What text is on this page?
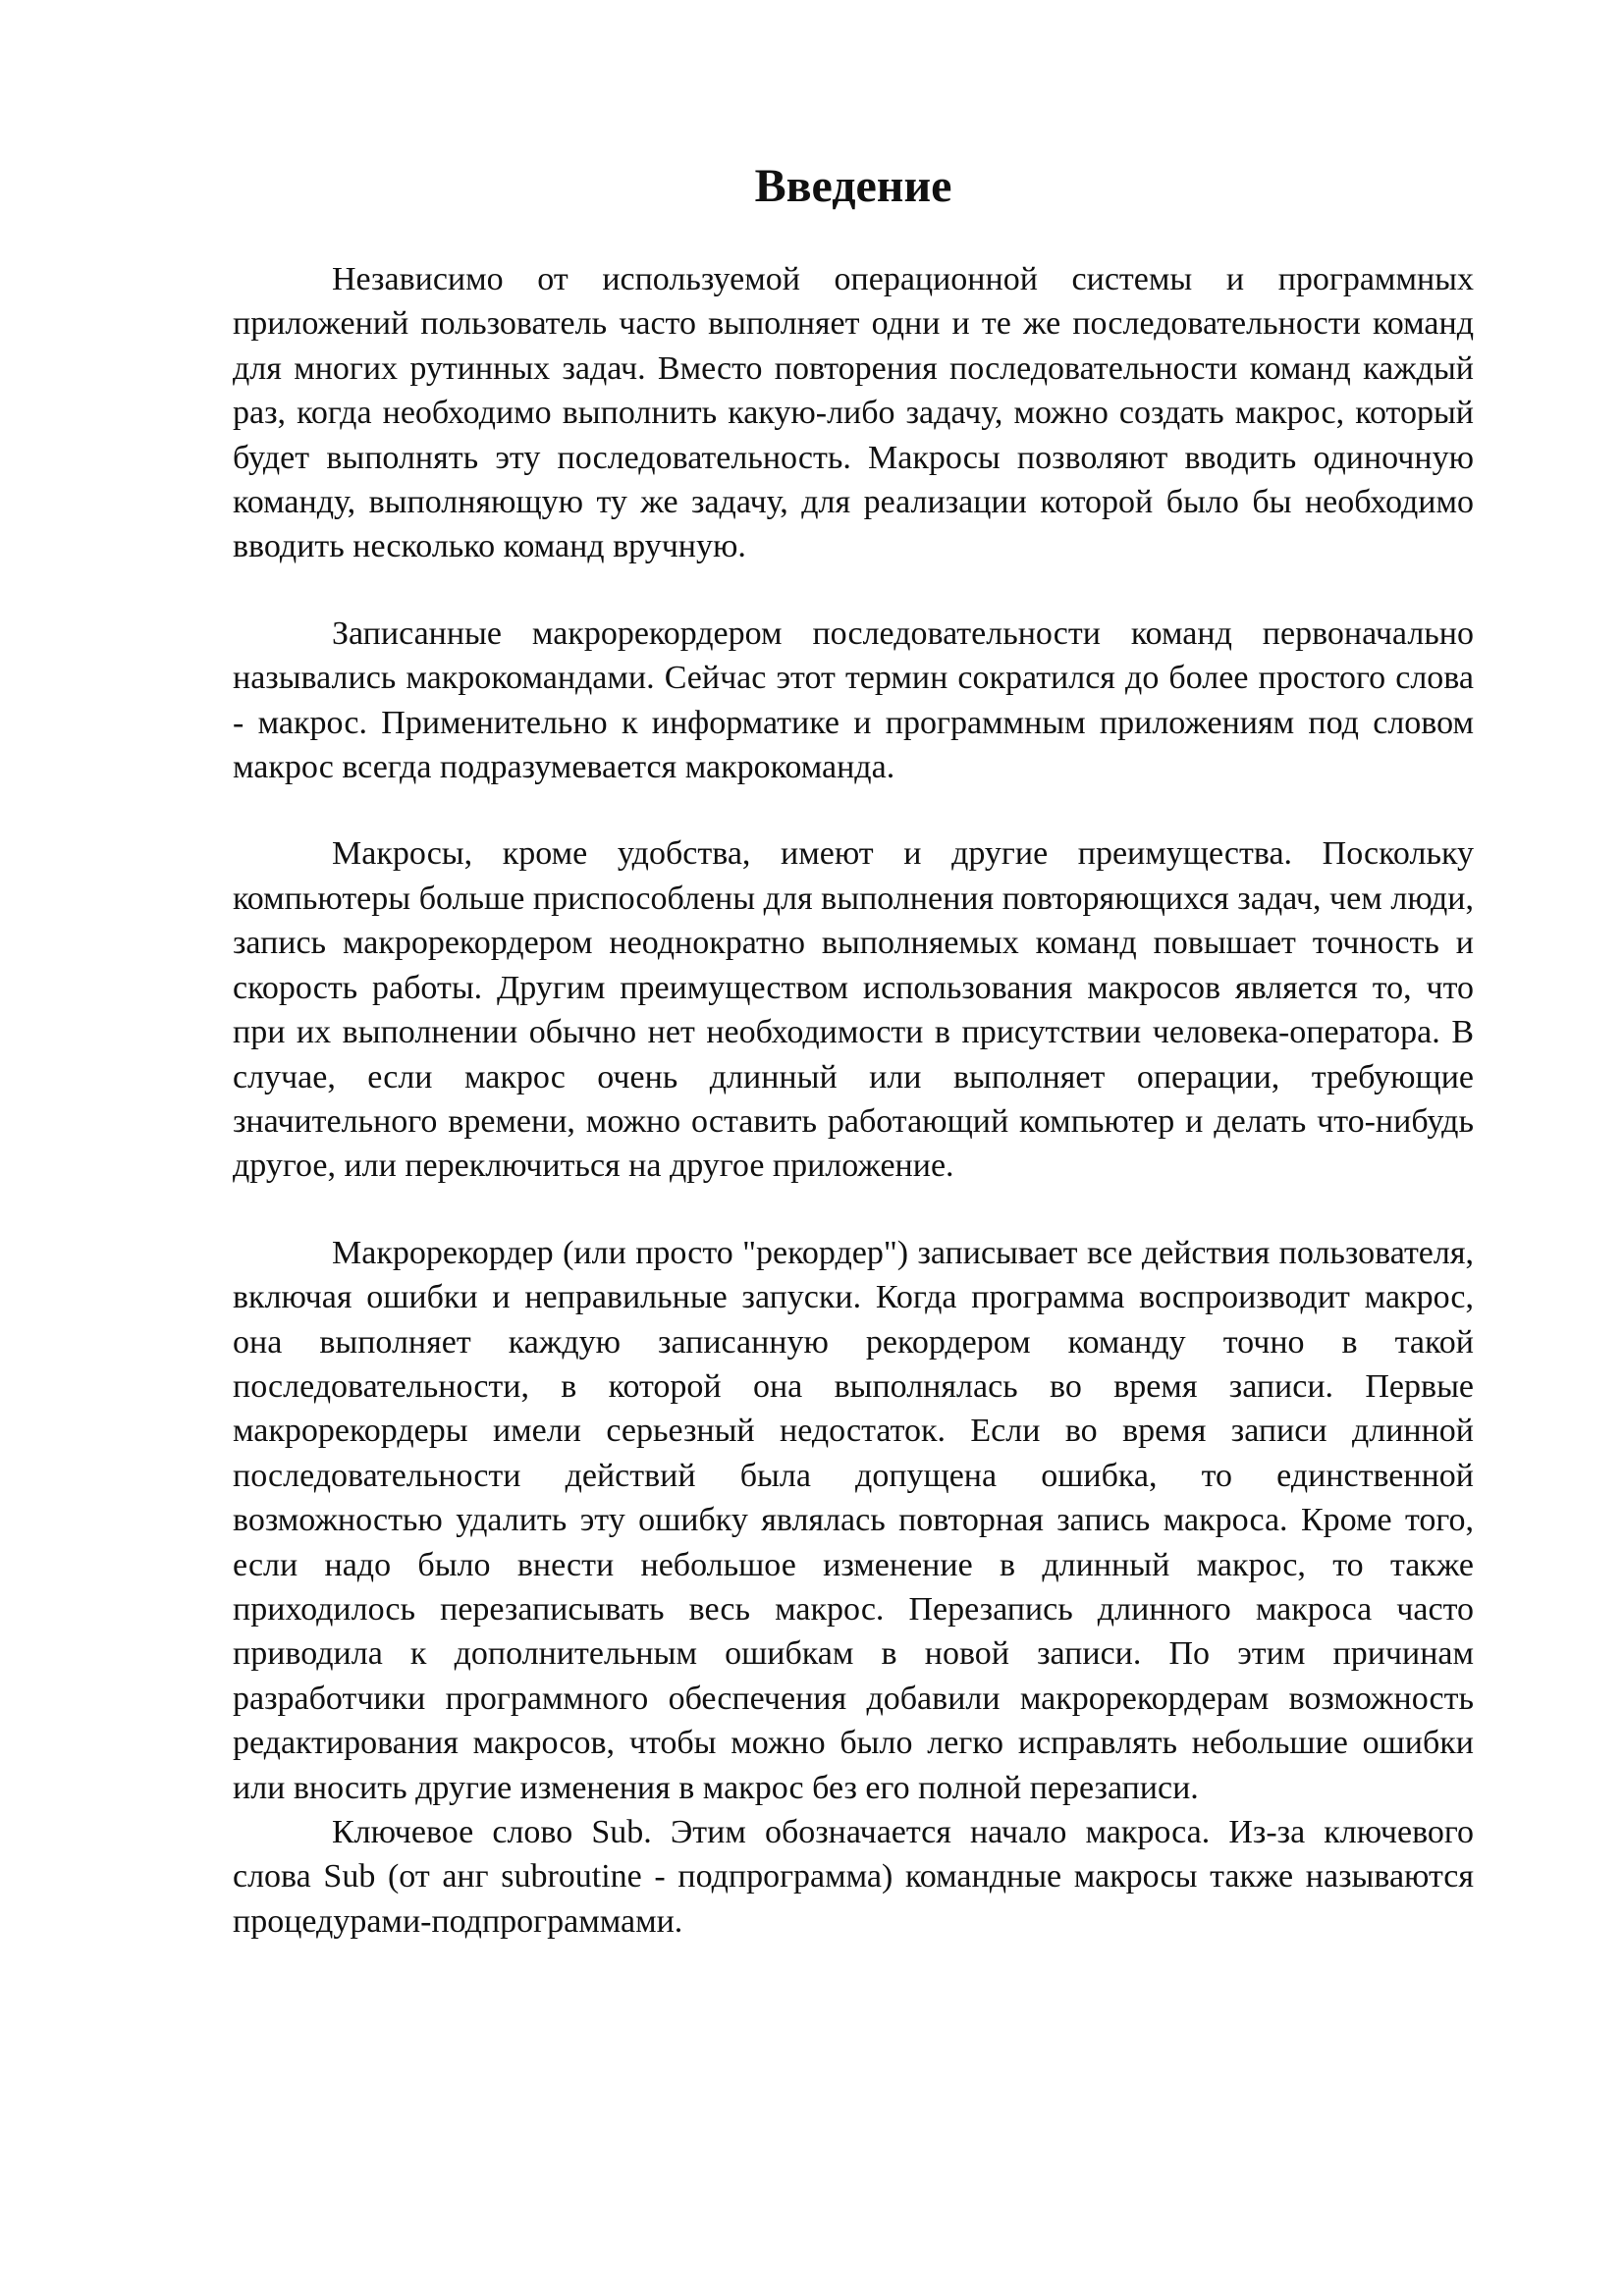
Введение

Независимо от используемой операционной системы и программных приложений пользователь часто выполняет одни и те же последовательности команд для многих рутинных задач. Вместо повторения последовательности команд каждый раз, когда необходимо выполнить какую-либо задачу, можно создать макрос, который будет выполнять эту последовательность. Макросы позволяют вводить одиночную команду, выполняющую ту же задачу, для реализации которой было бы необходимо вводить несколько команд вручную.

Записанные макрорекордером последовательности команд первоначально назывались макрокомандами. Сейчас этот термин сократился до более простого слова - макрос. Применительно к информатике и программным приложениям под словом макрос всегда подразумевается макрокоманда.

Макросы, кроме удобства, имеют и другие преимущества. Поскольку компьютеры больше приспособлены для выполнения повторяющихся задач, чем люди, запись макрорекордером неоднократно выполняемых команд повышает точность и скорость работы. Другим преимуществом использования макросов является то, что при их выполнении обычно нет необходимости в присутствии человека-оператора. В случае, если макрос очень длинный или выполняет операции, требующие значительного времени, можно оставить работающий компьютер и делать что-нибудь другое, или переключиться на другое приложение.

Макрорекордер (или просто "рекордер") записывает все действия пользователя, включая ошибки и неправильные запуски. Когда программа воспроизводит макрос, она выполняет каждую записанную рекордером команду точно в такой последовательности, в которой она выполнялась во время записи. Первые макрорекордеры имели серьезный недостаток. Если во время записи длинной последовательности действий была допущена ошибка, то единственной возможностью удалить эту ошибку являлась повторная запись макроса. Кроме того, если надо было внести небольшое изменение в длинный макрос, то также приходилось перезаписывать весь макрос. Перезапись длинного макроса часто приводила к дополнительным ошибкам в новой записи. По этим причинам разработчики программного обеспечения добавили макрорекордерам возможность редактирования макросов, чтобы можно было легко исправлять небольшие ошибки или вносить другие изменения в макрос без его полной перезаписи.

Ключевое слово Sub. Этим обозначается начало макроса. Из-за ключевого слова Sub (от анг subroutine - подпрограмма) командные макросы также называются процедурами-подпрограммами.
